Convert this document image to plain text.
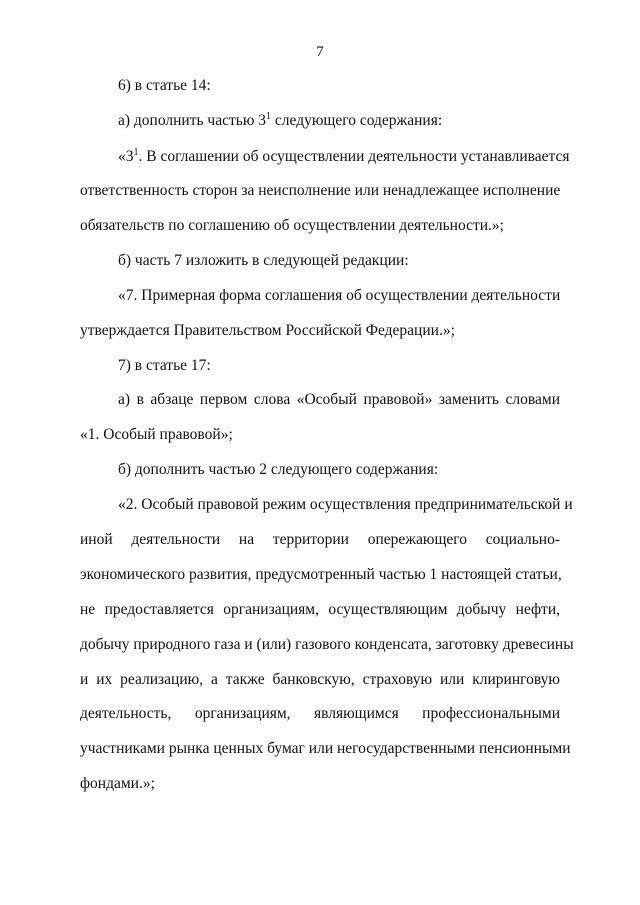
7
6) в статье 14:
а) дополнить частью $3^1$ следующего содержания:
«$3^1$. В соглашении об осуществлении деятельности устанавливается
ответственность сторон за неисполнение или ненадлежащее исполнение
обязательств по соглашению об осуществлении деятельности.»;
б) часть 7 изложить в следующей редакции:
«7. Примерная форма соглашения об осуществлении деятельности
утверждается Правительством Российской Федерации.»;
7) в статье 17:
а) в абзаце первом слова «Особый правовой» заменить словами
«1. Особый правовой»;
б) дополнить частью 2 следующего содержания:
«2. Особый правовой режим осуществления предпринимательской и
иной деятельности на территории опережающего социально-
экономического развития, предусмотренный частью 1 настоящей статьи,
не предоставляется организациям, осуществляющим добычу нефти,
добычу природного газа и (или) газового конденсата, заготовку древесины
и их реализацию, а также банковскую, страховую или клиринговую
деятельность, организациям, являющимся профессиональными
участниками рынка ценных бумаг или негосударственными пенсионными
фондами.»;
